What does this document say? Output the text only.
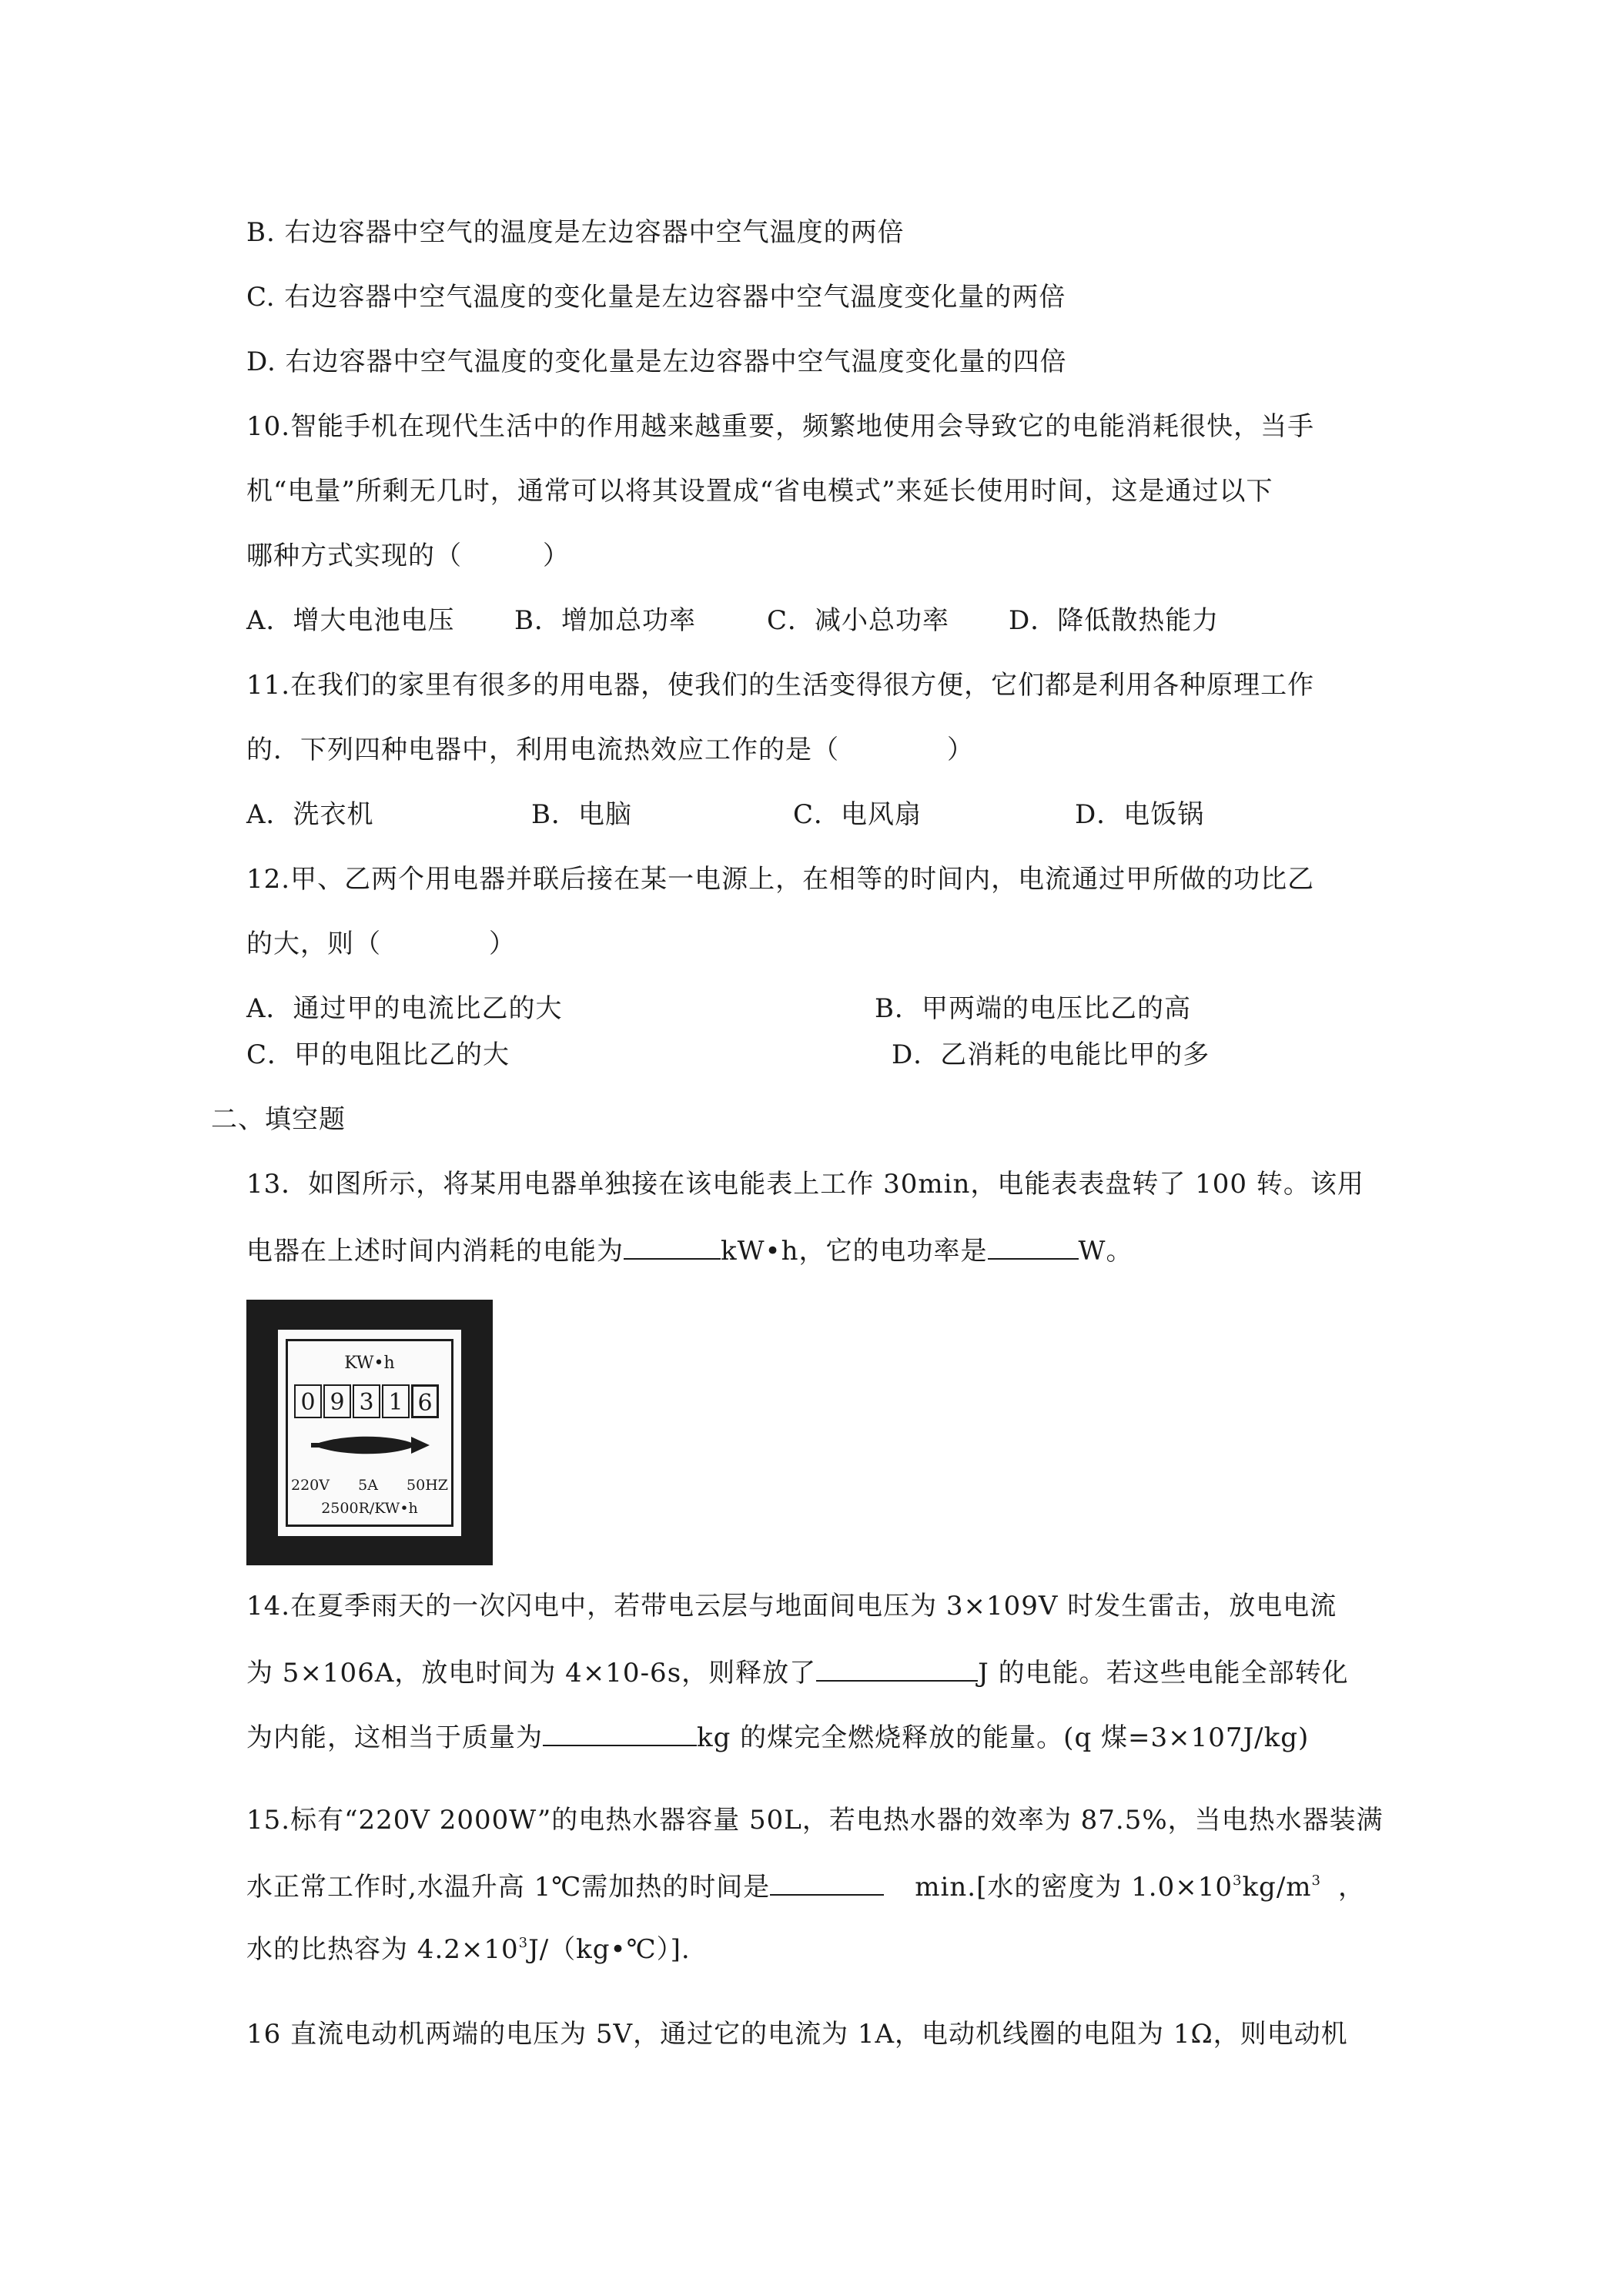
B. 右边容器中空气的温度是左边容器中空气温度的两倍
C. 右边容器中空气温度的变化量是左边容器中空气温度变化量的两倍
D. 右边容器中空气温度的变化量是左边容器中空气温度变化量的四倍
10.智能手机在现代生活中的作用越来越重要，频繁地使用会导致它的电能消耗很快，当手
机“电量”所剩无几时，通常可以将其设置成“省电模式”来延长使用时间，这是通过以下
哪种方式实现的（　　　）
A．增大电池电压 B．增加总功率	C．减小总功率 D．降低散热能力
11.在我们的家里有很多的用电器，使我们的生活变得很方便，它们都是利用各种原理工作
的．下列四种电器中，利用电流热效应工作的是（　　　　）
A．洗衣机	B．电脑	C．电风扇	D．电饭锅
12.甲、乙两个用电器并联后接在某一电源上，在相等的时间内，电流通过甲所做的功比乙
的大，则（　　　　）
A．通过甲的电流比乙的大	B．甲两端的电压比乙的高
C．甲的电阻比乙的大	D．乙消耗的电能比甲的多
二、填空题
13．如图所示，将某用电器单独接在该电能表上工作 30min，电能表表盘转了 100 转。该用
电器在上述时间内消耗的电能为	kW•h，它的电功率是	W。
KW•h
0 9 3 1 6
220V 5A 50HZ
2500R/KW•h
14.在夏季雨天的一次闪电中，若带电云层与地面间电压为 3×109V 时发生雷击，放电电流
为 5×106A，放电时间为 4×10-6s，则释放了	J 的电能。若这些电能全部转化
为内能，这相当于质量为	kg 的煤完全燃烧释放的能量。(q 煤=3×107J/kg)
15.标有“220V 2000W”的电热水器容量 50L，若电热水器的效率为 87.5%，当电热水器装满
水正常工作时,水温升高 1℃需加热的时间是	min.[水的密度为 $1.0\times 10^3kg/m^3$ ，
水的比热容为 $4.2\times 10^3J/(kg•℃)$].
16 直流电动机两端的电压为 5V，通过它的电流为 1A，电动机线圈的电阻为 1Ω，则电动机
